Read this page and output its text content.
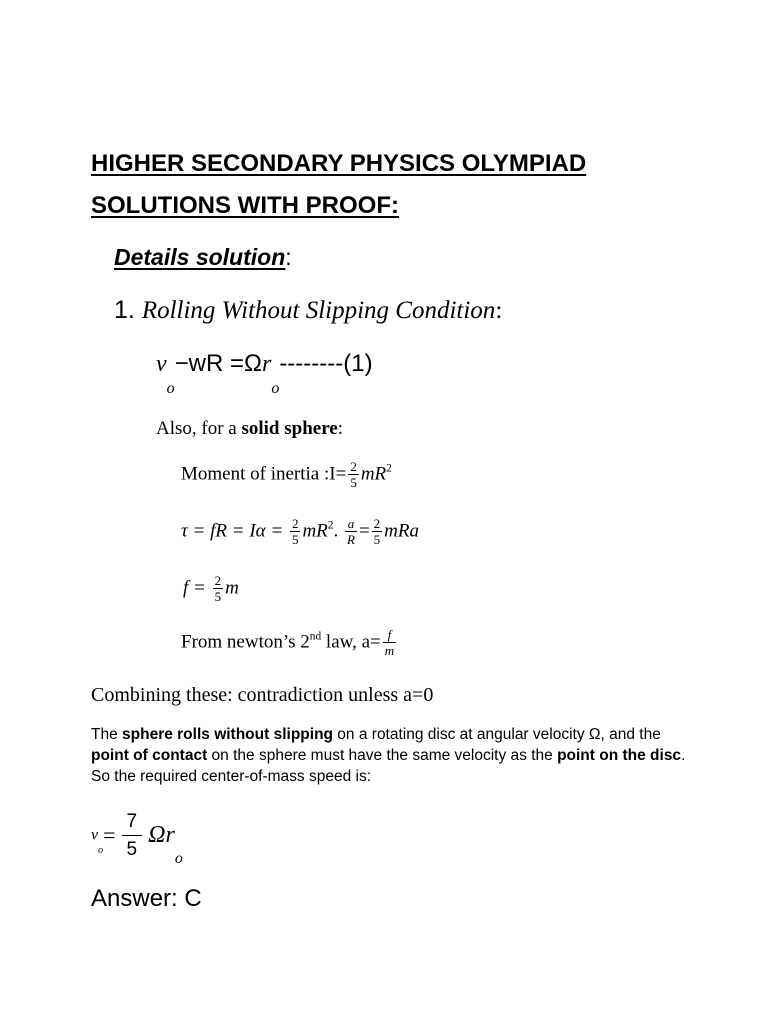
HIGHER SECONDARY PHYSICS OLYMPIAD
SOLUTIONS WITH PROOF:
Details solution:
1. Rolling Without Slipping Condition:
$v_o-wR =\Omega r_o--------(1)$
Also, for a solid sphere:
Moment of inertia :I= $\frac{2}{5} mR^2$
τ = fR = $I\alpha = \frac{2}{5} mR^2$. $\frac{a}{R} = \frac{2}{5}$ mRa
$f = \frac{2}{5}$ m
From newton’s 2nd law, $a= \frac{f}{m}$
Combining these: contradiction unless a=0
The sphere rolls without slipping on a rotating disc at angular velocity Ω, and the point of contact on the sphere must have the same velocity as the point on the disc. So the required center-of-mass speed is:
$v_o= \frac{7}{5} \Omega r_o$
Answer: C
